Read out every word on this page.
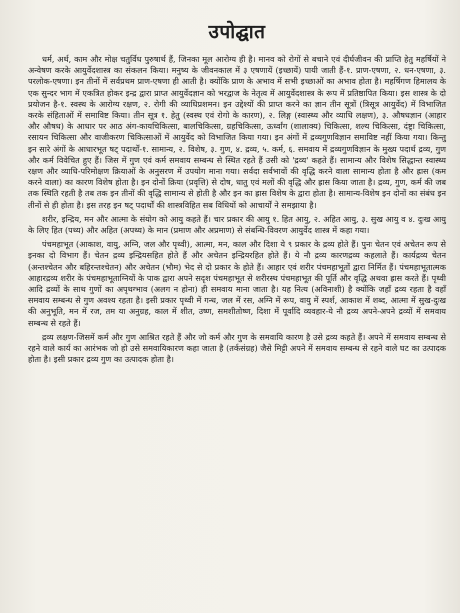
उपोद्घात

धर्म, अर्थ, काम और मोक्ष चतुर्विध पुरुषार्थ हैं, जिनका मूल आरोग्य ही है। मानव को रोगों से बचाने एवं दीर्घजीवन की प्राप्ति हेतु महर्षियों ने अन्वेषण करके आयुर्वेदशास्त्र का संकलन किया। मनुष्य के जीवनकाल में ३ एषणायें (इच्छायें) पायी जाती हैं-१. प्राण-एषणा, २. धन-एषणा, ३. परलोक-एषणा। इन तीनों में सर्वप्रथम प्राण-एषणा ही आती है। क्योंकि प्राण के अभाव में सभी इच्छाओं का अभाव होता है। महर्षिगण हिमालय के एक सुन्दर भाग में एकत्रित होकर इन्द्र द्वारा प्राप्त आयुर्वेदज्ञान को भरद्वाज के नेतृत्व में आयुर्वेदशास्त्र के रूप में प्रतिष्ठापित किया। इस शास्त्र के दो प्रयोजन है-१. स्वस्थ के आरोग्य रक्षण, २. रोगी की व्याधिप्रशमन। इन उद्देश्यों की प्राप्त करने का ज्ञान तीन सूत्रों (त्रिसूत्र आयुर्वेद) में विभाजित करके संहिताओं में समाविष्ट किया। तीन सूत्र १. हेतु (स्वस्थ एवं रोगो के कारण), २. लिङ्ग (स्वास्थ्य और व्याधि लक्षण), ३. औषधज्ञान (आहार और औषध) के आधार पर आठ अंग-कायचिकित्सा, बालचिकित्सा, ग्रहचिकित्सा, ऊर्ध्वांग (शालाक्य) चिकित्सा, शल्य चिकित्सा, दंष्ट्रा चिकित्सा, रसायन चिकित्सा और वाजीकरण चिकित्साओं में आयुर्वेद को विभाजित किया गया। इन अंगों में द्रव्यगुणविज्ञान समाविष्ट नहीं किया गया। किन्तु इन सारे अंगों के आधारभूत षट् पदार्थों-१. सामान्य, २. विशेष, ३. गुण, ४. द्रव्य, ५. कर्म, ६. समवाय में द्रव्यगुणविज्ञान के मुख्य पदार्थ द्रव्य, गुण और कर्म विवेचित हुए हैं। जिस में गुण एवं कर्म समवाय सम्बन्ध से स्थित रहते हैं उसी को 'द्रव्य' कहते हैं। सामान्य और विशेष सिद्धान्त स्वास्थ्य रक्षण और व्याधि-परिमोक्षण क्रियाओं के अनुसरण में उपयोग माना गया। सर्वदा सर्वभावों की वृद्धि करने वाला सामान्य होता है और ह्रास (कम करने वाला) का कारण विशेष होता है। इन दोनों क्रिया (प्रवृत्ति) से दोष, धातु एवं मलों की वृद्धि और ह्रास किया जाता है। द्रव्य, गुण, कर्म की जब तक स्थिति रहती है तब तक इन तीनों की वृद्धि सामान्य से होती है और इन का ह्रास विशेष के द्वारा होता है। सामान्य-विशेष इन दोनों का संबंध इन तीनों से ही होता है। इस तरह इन षट् पदार्थों की शास्त्रविहित सब विधियों को आचार्यों ने समझाया है।

शरीर, इन्द्रिय, मन और आत्मा के संयोग को आयु कहते हैं। चार प्रकार की आयु १. हित आयु, २. अहित आयु, ३. सुख आयु व ४. दुःख आयु के लिए हित (पथ्य) और अहित (अपथ्य) के मान (प्रमाण और अप्रमाण) से संबन्धि-विवरण आयुर्वेद शास्त्र में कहा गया।

पंचमहाभूत (आकाश, वायु, अग्नि, जल और पृथ्वी), आत्मा, मन, काल और दिशा ये ९ प्रकार के द्रव्य होते हैं। पुनः चेतन एवं अचेतन रूप से इनका दो विभाग हैं। चेतन द्रव्य इन्द्रियसहित होते हैं और अचेतन इन्द्रियरहित होते हैं। ये नौ द्रव्य कारणद्रव्य कहलाते हैं। कार्यद्रव्य चेतन (अन्तश्चेतन और बहिरन्तश्चेतन) और अचेतन (भौम) भेद से दो प्रकार के होते हैं। आहार एवं शरीर पंचमहाभूतों द्वारा निर्मित हैं। पंचमहाभूतात्मक आहारद्रव्य शरीर के पंचमहाभूताग्नियों के पाक द्वारा अपने सदृश पंचमहाभूत से शरीरस्थ पंचमहाभूत की पूर्ति और वृद्धि अथवा ह्रास करते हैं। पृथ्वी आदि द्रव्यों के साथ गुणों का अपृथग्भाव (अलग न होना) ही समवाय माना जाता है। यह नित्य (अविनाशी) है क्योंकि जहाँ द्रव्य रहता है वहाँ समवाय सम्बन्ध से गुण अवश्य रहता है। इसी प्रकार पृथ्वी में गन्ध, जल में रस, अग्नि में रूप, वायु में स्पर्श, आकाश में शब्द, आत्मा में सुख-दुःख की अनुभूति, मन में रज, तम या अनुग्रह, काल में शीत, उष्ण, समशीतोष्ण, दिशा में पूर्वादि व्यवहार-ये नौ द्रव्य अपने-अपने द्रव्यों में समवाय सम्बन्ध से रहते हैं।

द्रव्य लक्षण-जिसमें कर्म और गुण आश्रित रहते हैं और जो कर्म और गुण के समवायि कारण है उसे द्रव्य कहते हैं। अपने में समवाय सम्बन्ध से रहने वाले कार्य का आरंभक जो हो उसे समवायिकारण कहा जाता है (तर्कसंग्रह) जैसे मिट्टी अपने में समवाय सम्बन्ध से रहने वाले घट का उत्पादक होता है। इसी प्रकार द्रव्य गुण का उत्पादक होता है।
